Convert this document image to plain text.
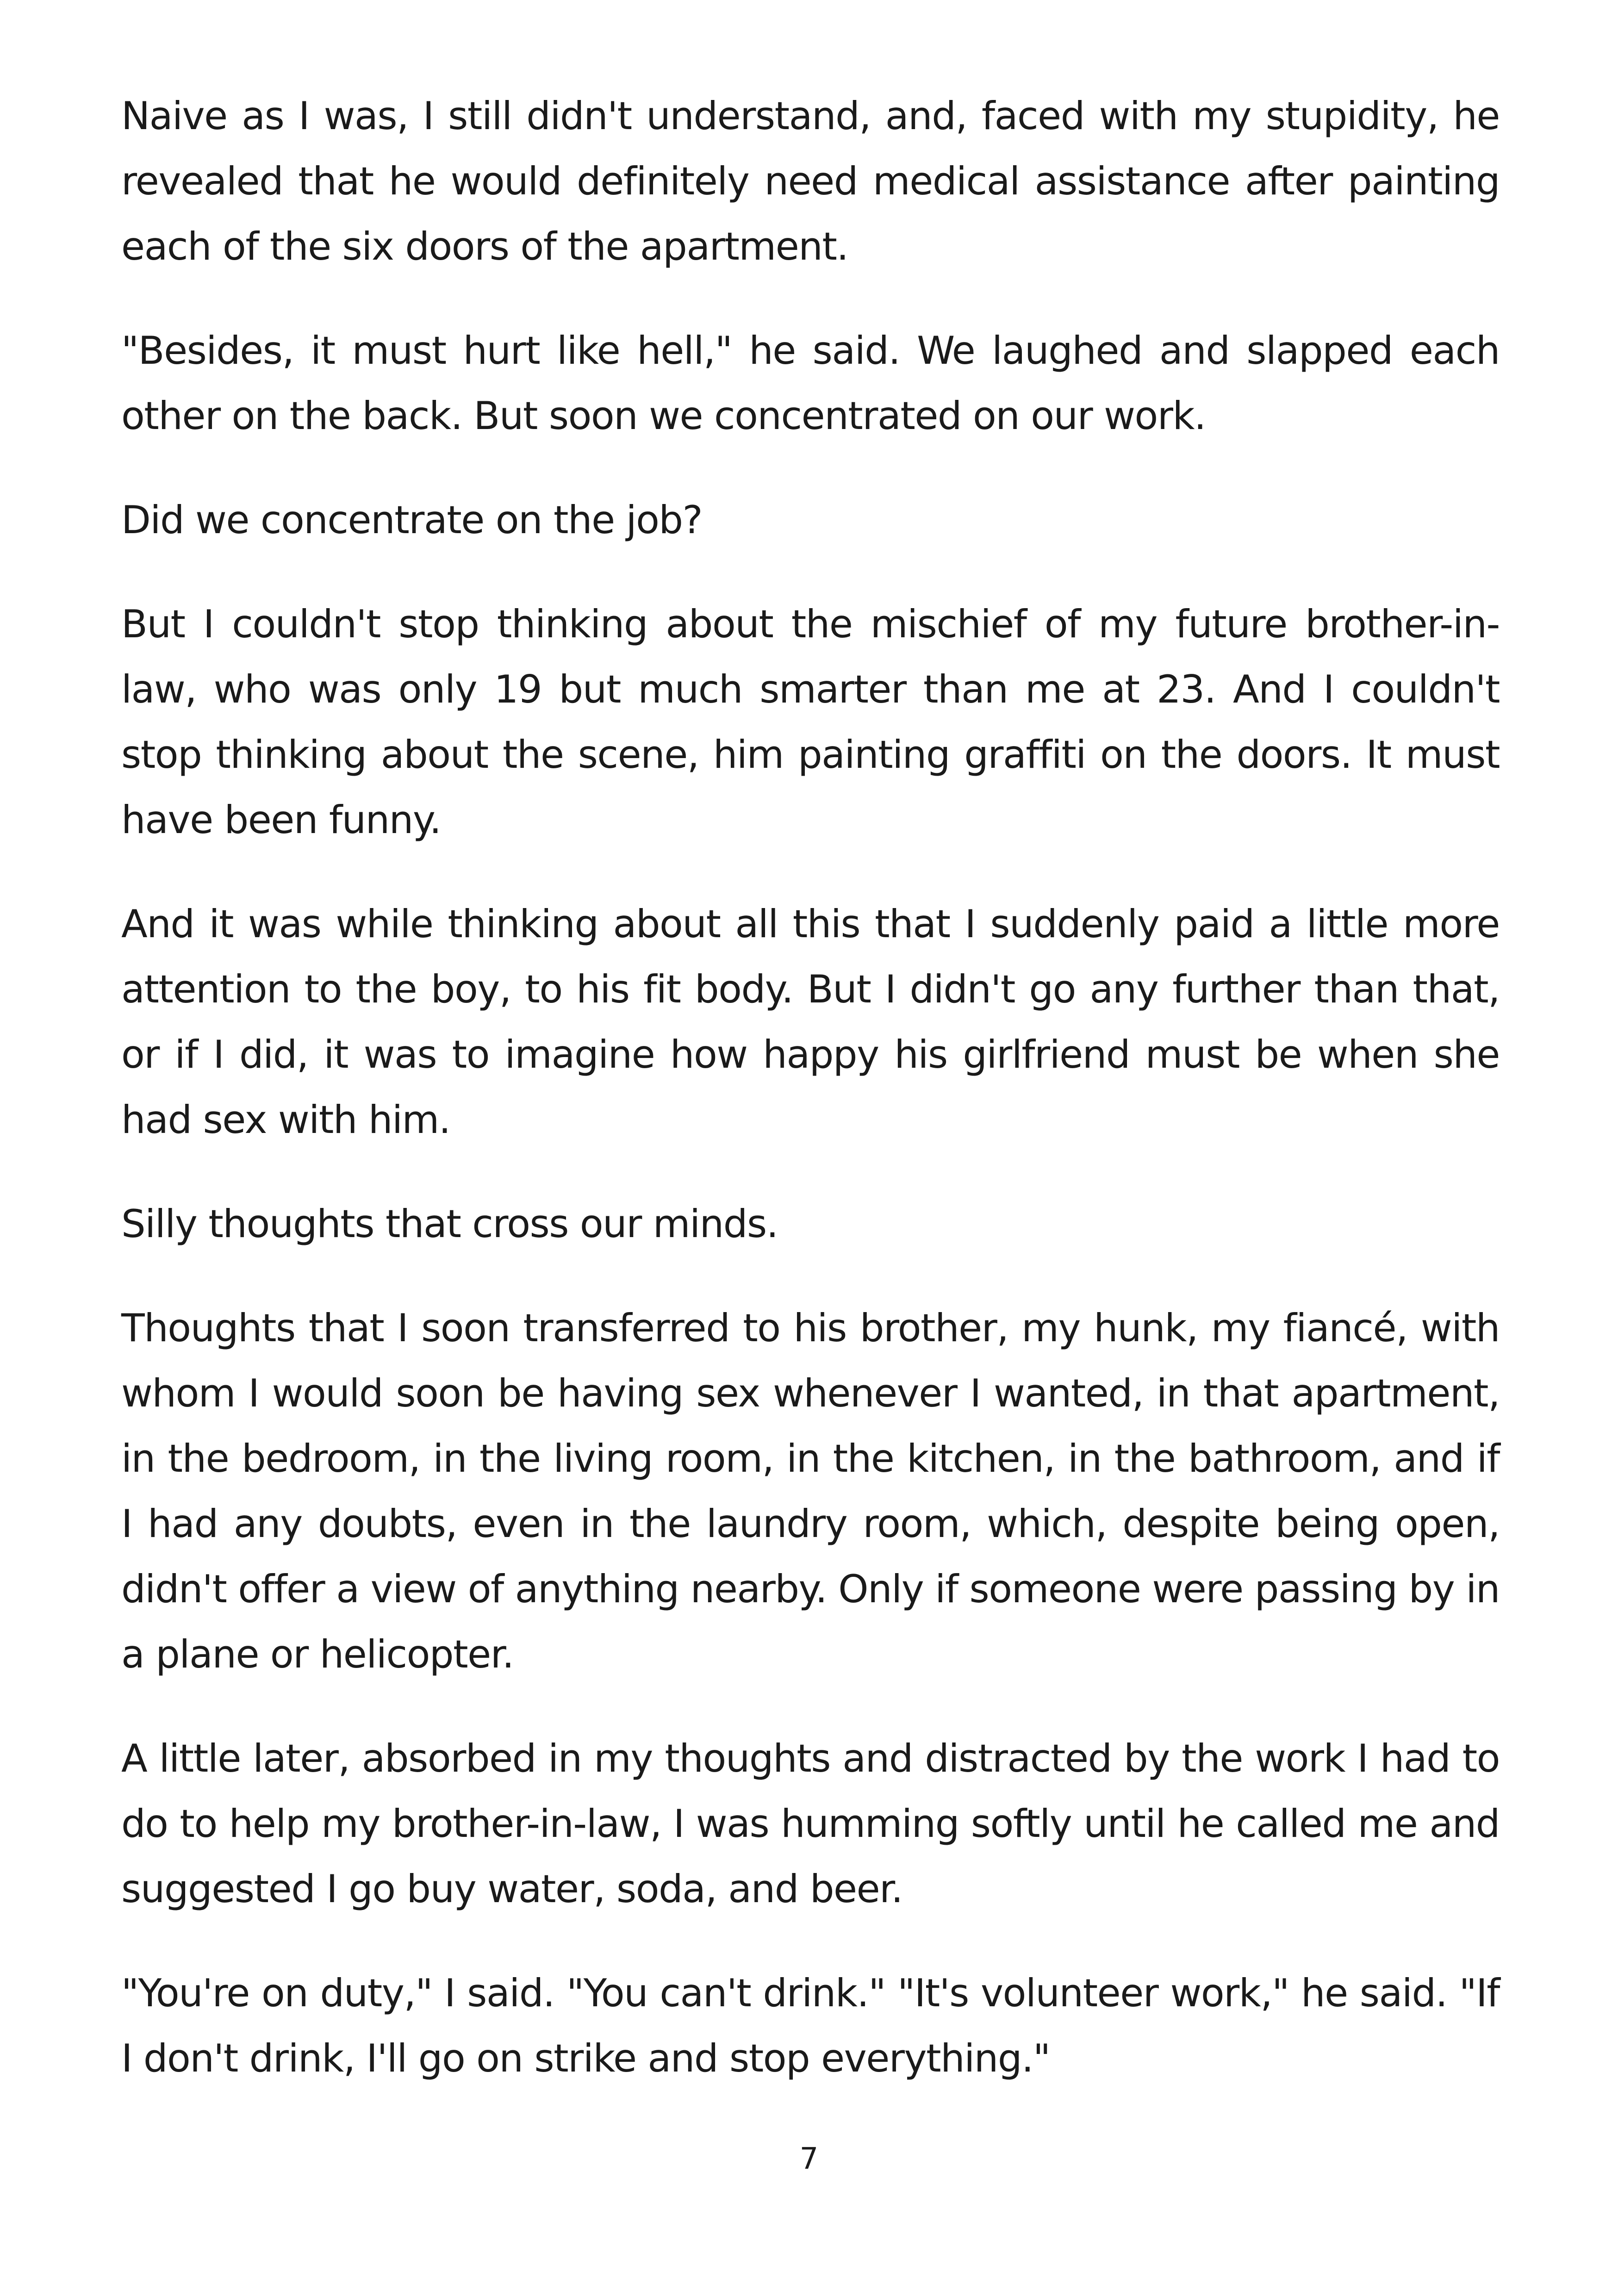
Naive as I was, I still didn't understand, and, faced with my stupidity, he revealed that he would definitely need medical assistance after painting each of the six doors of the apartment.

"Besides, it must hurt like hell," he said. We laughed and slapped each other on the back. But soon we concentrated on our work.

Did we concentrate on the job?

But I couldn't stop thinking about the mischief of my future brother-in-law, who was only 19 but much smarter than me at 23. And I couldn't stop thinking about the scene, him painting graffiti on the doors. It must have been funny.

And it was while thinking about all this that I suddenly paid a little more attention to the boy, to his fit body. But I didn't go any further than that, or if I did, it was to imagine how happy his girlfriend must be when she had sex with him.

Silly thoughts that cross our minds.

Thoughts that I soon transferred to his brother, my hunk, my fiancé, with whom I would soon be having sex whenever I wanted, in that apartment, in the bedroom, in the living room, in the kitchen, in the bathroom, and if I had any doubts, even in the laundry room, which, despite being open, didn't offer a view of anything nearby. Only if someone were passing by in a plane or helicopter.

A little later, absorbed in my thoughts and distracted by the work I had to do to help my brother-in-law, I was humming softly until he called me and suggested I go buy water, soda, and beer.

"You're on duty," I said. "You can't drink." "It's volunteer work," he said. "If I don't drink, I'll go on strike and stop everything."

7
